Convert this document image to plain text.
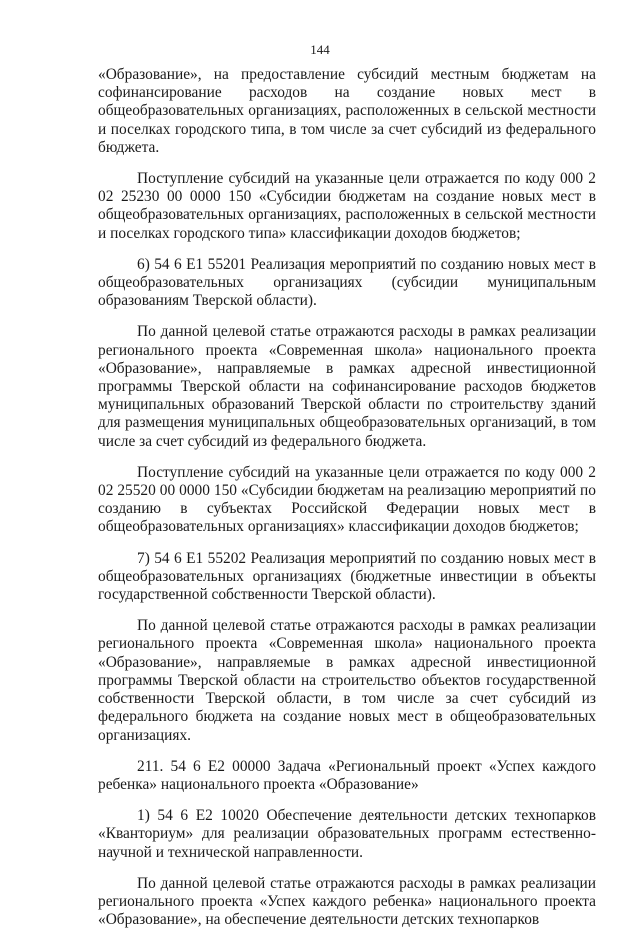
144

«Образование», на предоставление субсидий местным бюджетам на софинансирование расходов на создание новых мест в общеобразовательных организациях, расположенных в сельской местности и поселках городского типа, в том числе за счет субсидий из федерального бюджета.

Поступление субсидий на указанные цели отражается по коду 000 2 02 25230 00 0000 150 «Субсидии бюджетам на создание новых мест в общеобразовательных организациях, расположенных в сельской местности и поселках городского типа» классификации доходов бюджетов;

6) 54 6 E1 55201 Реализация мероприятий по созданию новых мест в общеобразовательных организациях (субсидии муниципальным образованиям Тверской области).

По данной целевой статье отражаются расходы в рамках реализации регионального проекта «Современная школа» национального проекта «Образование», направляемые в рамках адресной инвестиционной программы Тверской области на софинансирование расходов бюджетов муниципальных образований Тверской области по строительству зданий для размещения муниципальных общеобразовательных организаций, в том числе за счет субсидий из федерального бюджета.

Поступление субсидий на указанные цели отражается по коду 000 2 02 25520 00 0000 150 «Субсидии бюджетам на реализацию мероприятий по созданию в субъектах Российской Федерации новых мест в общеобразовательных организациях» классификации доходов бюджетов;

7) 54 6 E1 55202 Реализация мероприятий по созданию новых мест в общеобразовательных организациях (бюджетные инвестиции в объекты государственной собственности Тверской области).

По данной целевой статье отражаются расходы в рамках реализации регионального проекта «Современная школа» национального проекта «Образование», направляемые в рамках адресной инвестиционной программы Тверской области на строительство объектов государственной собственности Тверской области, в том числе за счет субсидий из федерального бюджета на создание новых мест в общеобразовательных организациях.

211. 54 6 E2 00000 Задача «Региональный проект «Успех каждого ребенка» национального проекта «Образование»

1) 54 6 E2 10020 Обеспечение деятельности детских технопарков «Кванториум» для реализации образовательных программ естественно-научной и технической направленности.

По данной целевой статье отражаются расходы в рамках реализации регионального проекта «Успех каждого ребенка» национального проекта «Образование», на обеспечение деятельности детских технопарков
